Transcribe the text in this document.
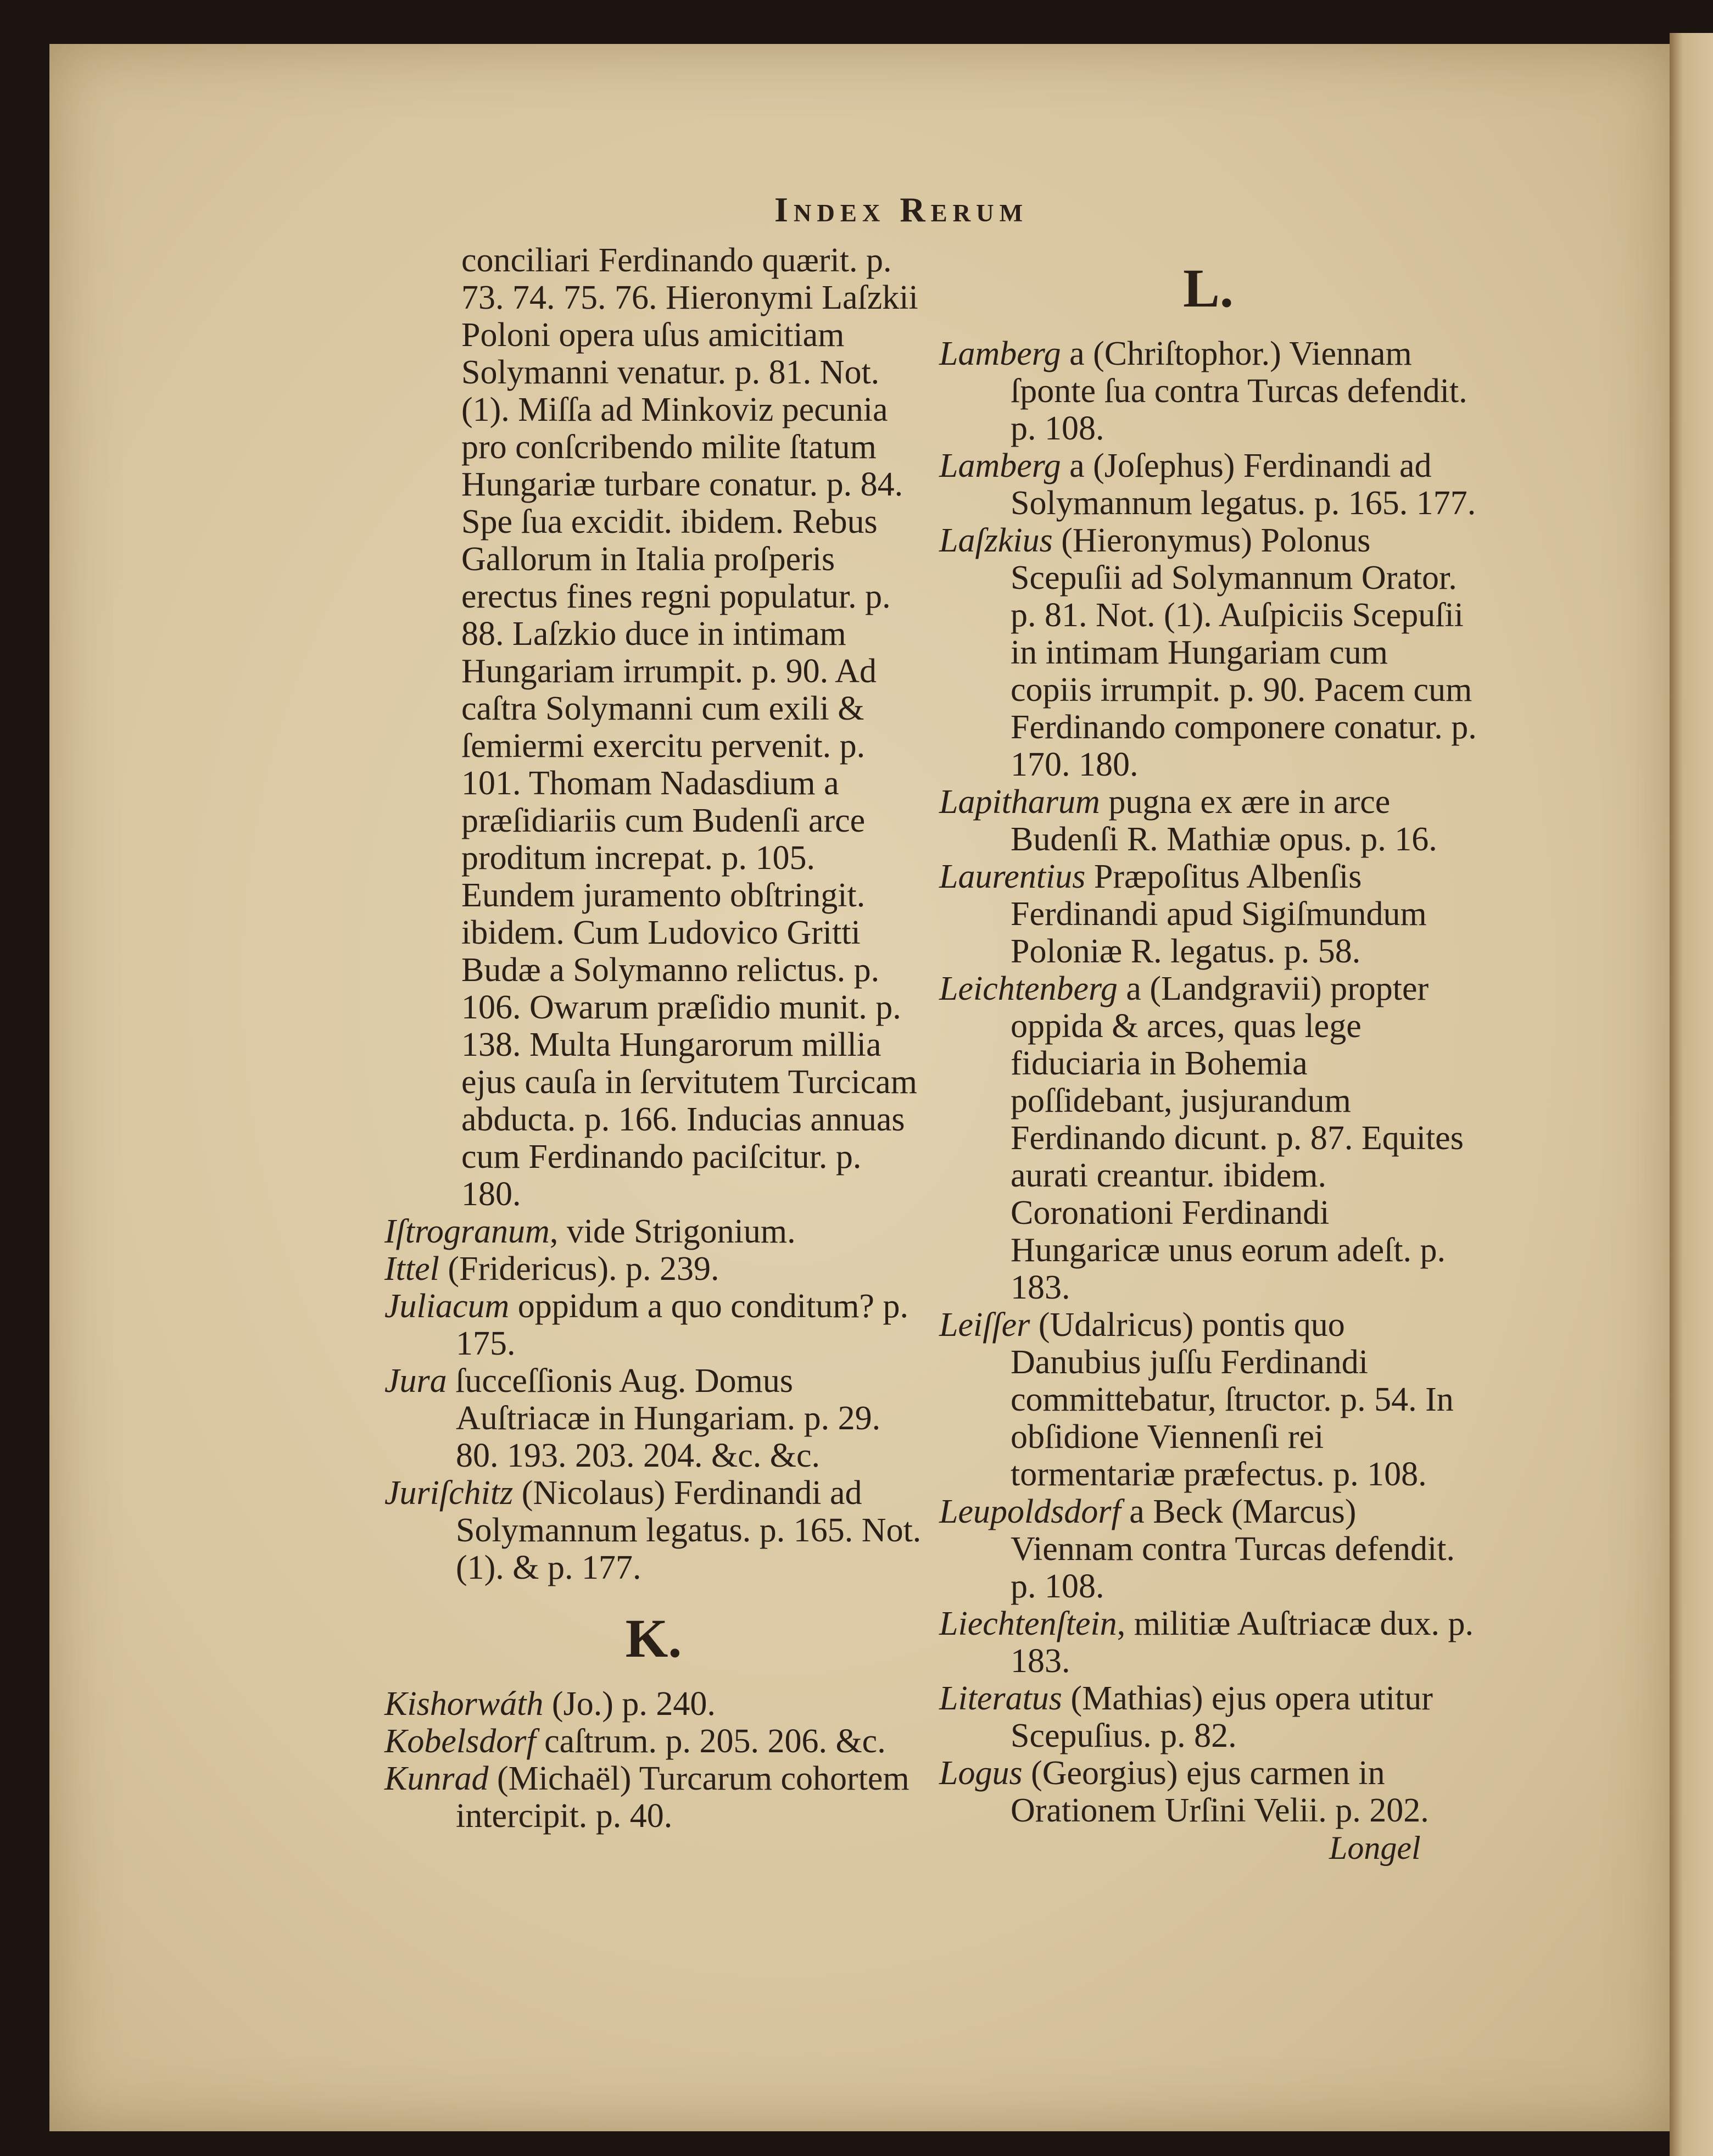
Index Rerum

conciliari Ferdinando quærit. p. 73. 74. 75. 76. Hieronymi Laſzkii Poloni opera uſus amicitiam Solymanni venatur. p. 81. Not. (1). Miſſa ad Minkoviz pecunia pro conſcribendo milite ſtatum Hungariæ turbare conatur. p. 84. Spe ſua excidit. ibidem. Rebus Gallorum in Italia proſperis erectus fines regni populatur. p. 88. Laſzkio duce in intimam Hungariam irrumpit. p. 90. Ad caſtra Solymanni cum exili & ſemiermi exercitu pervenit. p. 101. Thomam Nadasdium a præſidiariis cum Budenſi arce proditum increpat. p. 105. Eundem juramento obſtringit. ibidem. Cum Ludovico Gritti Budæ a Solymanno relictus. p. 106. Owarum præſidio munit. p. 138. Multa Hungarorum millia ejus cauſa in ſervitutem Turcicam abducta. p. 166. Inducias annuas cum Ferdinando paciſcitur. p. 180.

Iſtrogranum, vide Strigonium.

Ittel (Fridericus). p. 239.

Juliacum oppidum a quo conditum? p. 175.

Jura ſucceſſionis Aug. Domus Auſtriacæ in Hungariam. p. 29. 80. 193. 203. 204. &c. &c.

Juriſchitz (Nicolaus) Ferdinandi ad Solymannum legatus. p. 165. Not. (1). & p. 177.

K.

Kishorwáth (Jo.) p. 240.

Kobelsdorf caſtrum. p. 205. 206. &c.

Kunrad (Michaël) Turcarum cohortem intercipit. p. 40.

L.

Lamberg a (Chriſtophor.) Viennam ſponte ſua contra Turcas defendit. p. 108.

Lamberg a (Joſephus) Ferdinandi ad Solymannum legatus. p. 165. 177.

Laſzkius (Hieronymus) Polonus Scepuſii ad Solymannum Orator. p. 81. Not. (1). Auſpiciis Scepuſii in intimam Hungariam cum copiis irrumpit. p. 90. Pacem cum Ferdinando componere conatur. p. 170. 180.

Lapitharum pugna ex ære in arce Budenſi R. Mathiæ opus. p. 16.

Laurentius Præpoſitus Albenſis Ferdinandi apud Sigiſmundum Poloniæ R. legatus. p. 58.

Leichtenberg a (Landgravii) propter oppida & arces, quas lege fiduciaria in Bohemia poſſidebant, jusjurandum Ferdinando dicunt. p. 87. Equites aurati creantur. ibidem. Coronationi Ferdinandi Hungaricæ unus eorum adeſt. p. 183.

Leiſſer (Udalricus) pontis quo Danubius juſſu Ferdinandi committebatur, ſtructor. p. 54. In obſidione Viennenſi rei tormentariæ præfectus. p. 108.

Leupoldsdorf a Beck (Marcus) Viennam contra Turcas defendit. p. 108.

Liechtenſtein, militiæ Auſtriacæ dux. p. 183.

Literatus (Mathias) ejus opera utitur Scepuſius. p. 82.

Logus (Georgius) ejus carmen in Orationem Urſini Velii. p. 202.

Longel
